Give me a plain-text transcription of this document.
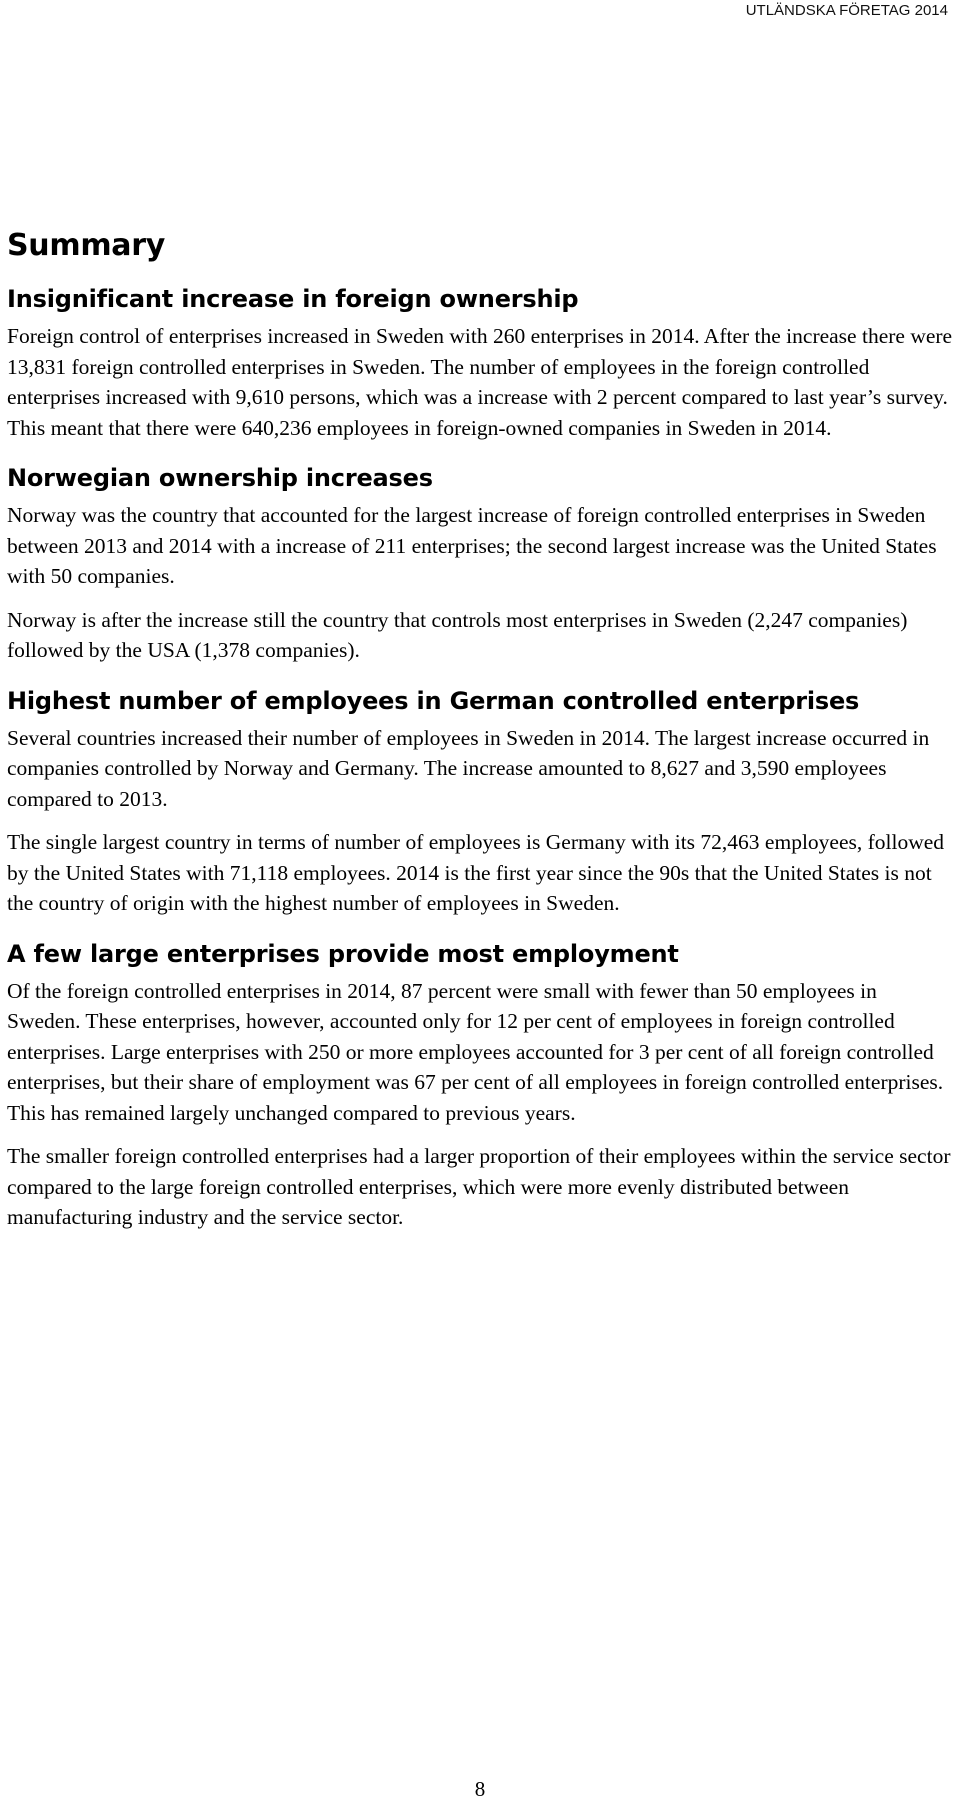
UTLÄNDSKA FÖRETAG 2014
Summary
Insignificant increase in foreign ownership

Foreign control of enterprises increased in Sweden with 260 enterprises in 2014. After the increase there were 13,831 foreign controlled enterprises in Sweden. The number of employees in the foreign controlled enterprises increased with 9,610 persons, which was a increase with 2 percent compared to last year’s survey. This meant that there were 640,236 employees in foreign-owned companies in Sweden in 2014.

Norwegian ownership increases

Norway was the country that accounted for the largest increase of foreign controlled enterprises in Sweden between 2013 and 2014 with a increase of 211 enterprises; the second largest increase was the United States with 50 companies.

Norway is after the increase still the country that controls most enterprises in Sweden (2,247 companies) followed by the USA (1,378 companies).

Highest number of employees in German controlled enterprises

Several countries increased their number of employees in Sweden in 2014. The largest increase occurred in companies controlled by Norway and Germany. The increase amounted to 8,627 and 3,590 employees compared to 2013.

The single largest country in terms of number of employees is Germany with its 72,463 employees, followed by the United States with 71,118 employees. 2014 is the first year since the 90s that the United States is not the country of origin with the highest number of employees in Sweden.

A few large enterprises provide most employment

Of the foreign controlled enterprises in 2014, 87 percent were small with fewer than 50 employees in Sweden. These enterprises, however, accounted only for 12 per cent of employees in foreign controlled enterprises. Large enterprises with 250 or more employees accounted for 3 per cent of all foreign controlled enterprises, but their share of employment was 67 per cent of all employees in foreign controlled enterprises. This has remained largely unchanged compared to previous years.

The smaller foreign controlled enterprises had a larger proportion of their employees within the service sector compared to the large foreign controlled enterprises, which were more evenly distributed between manufacturing industry and the service sector.

8
